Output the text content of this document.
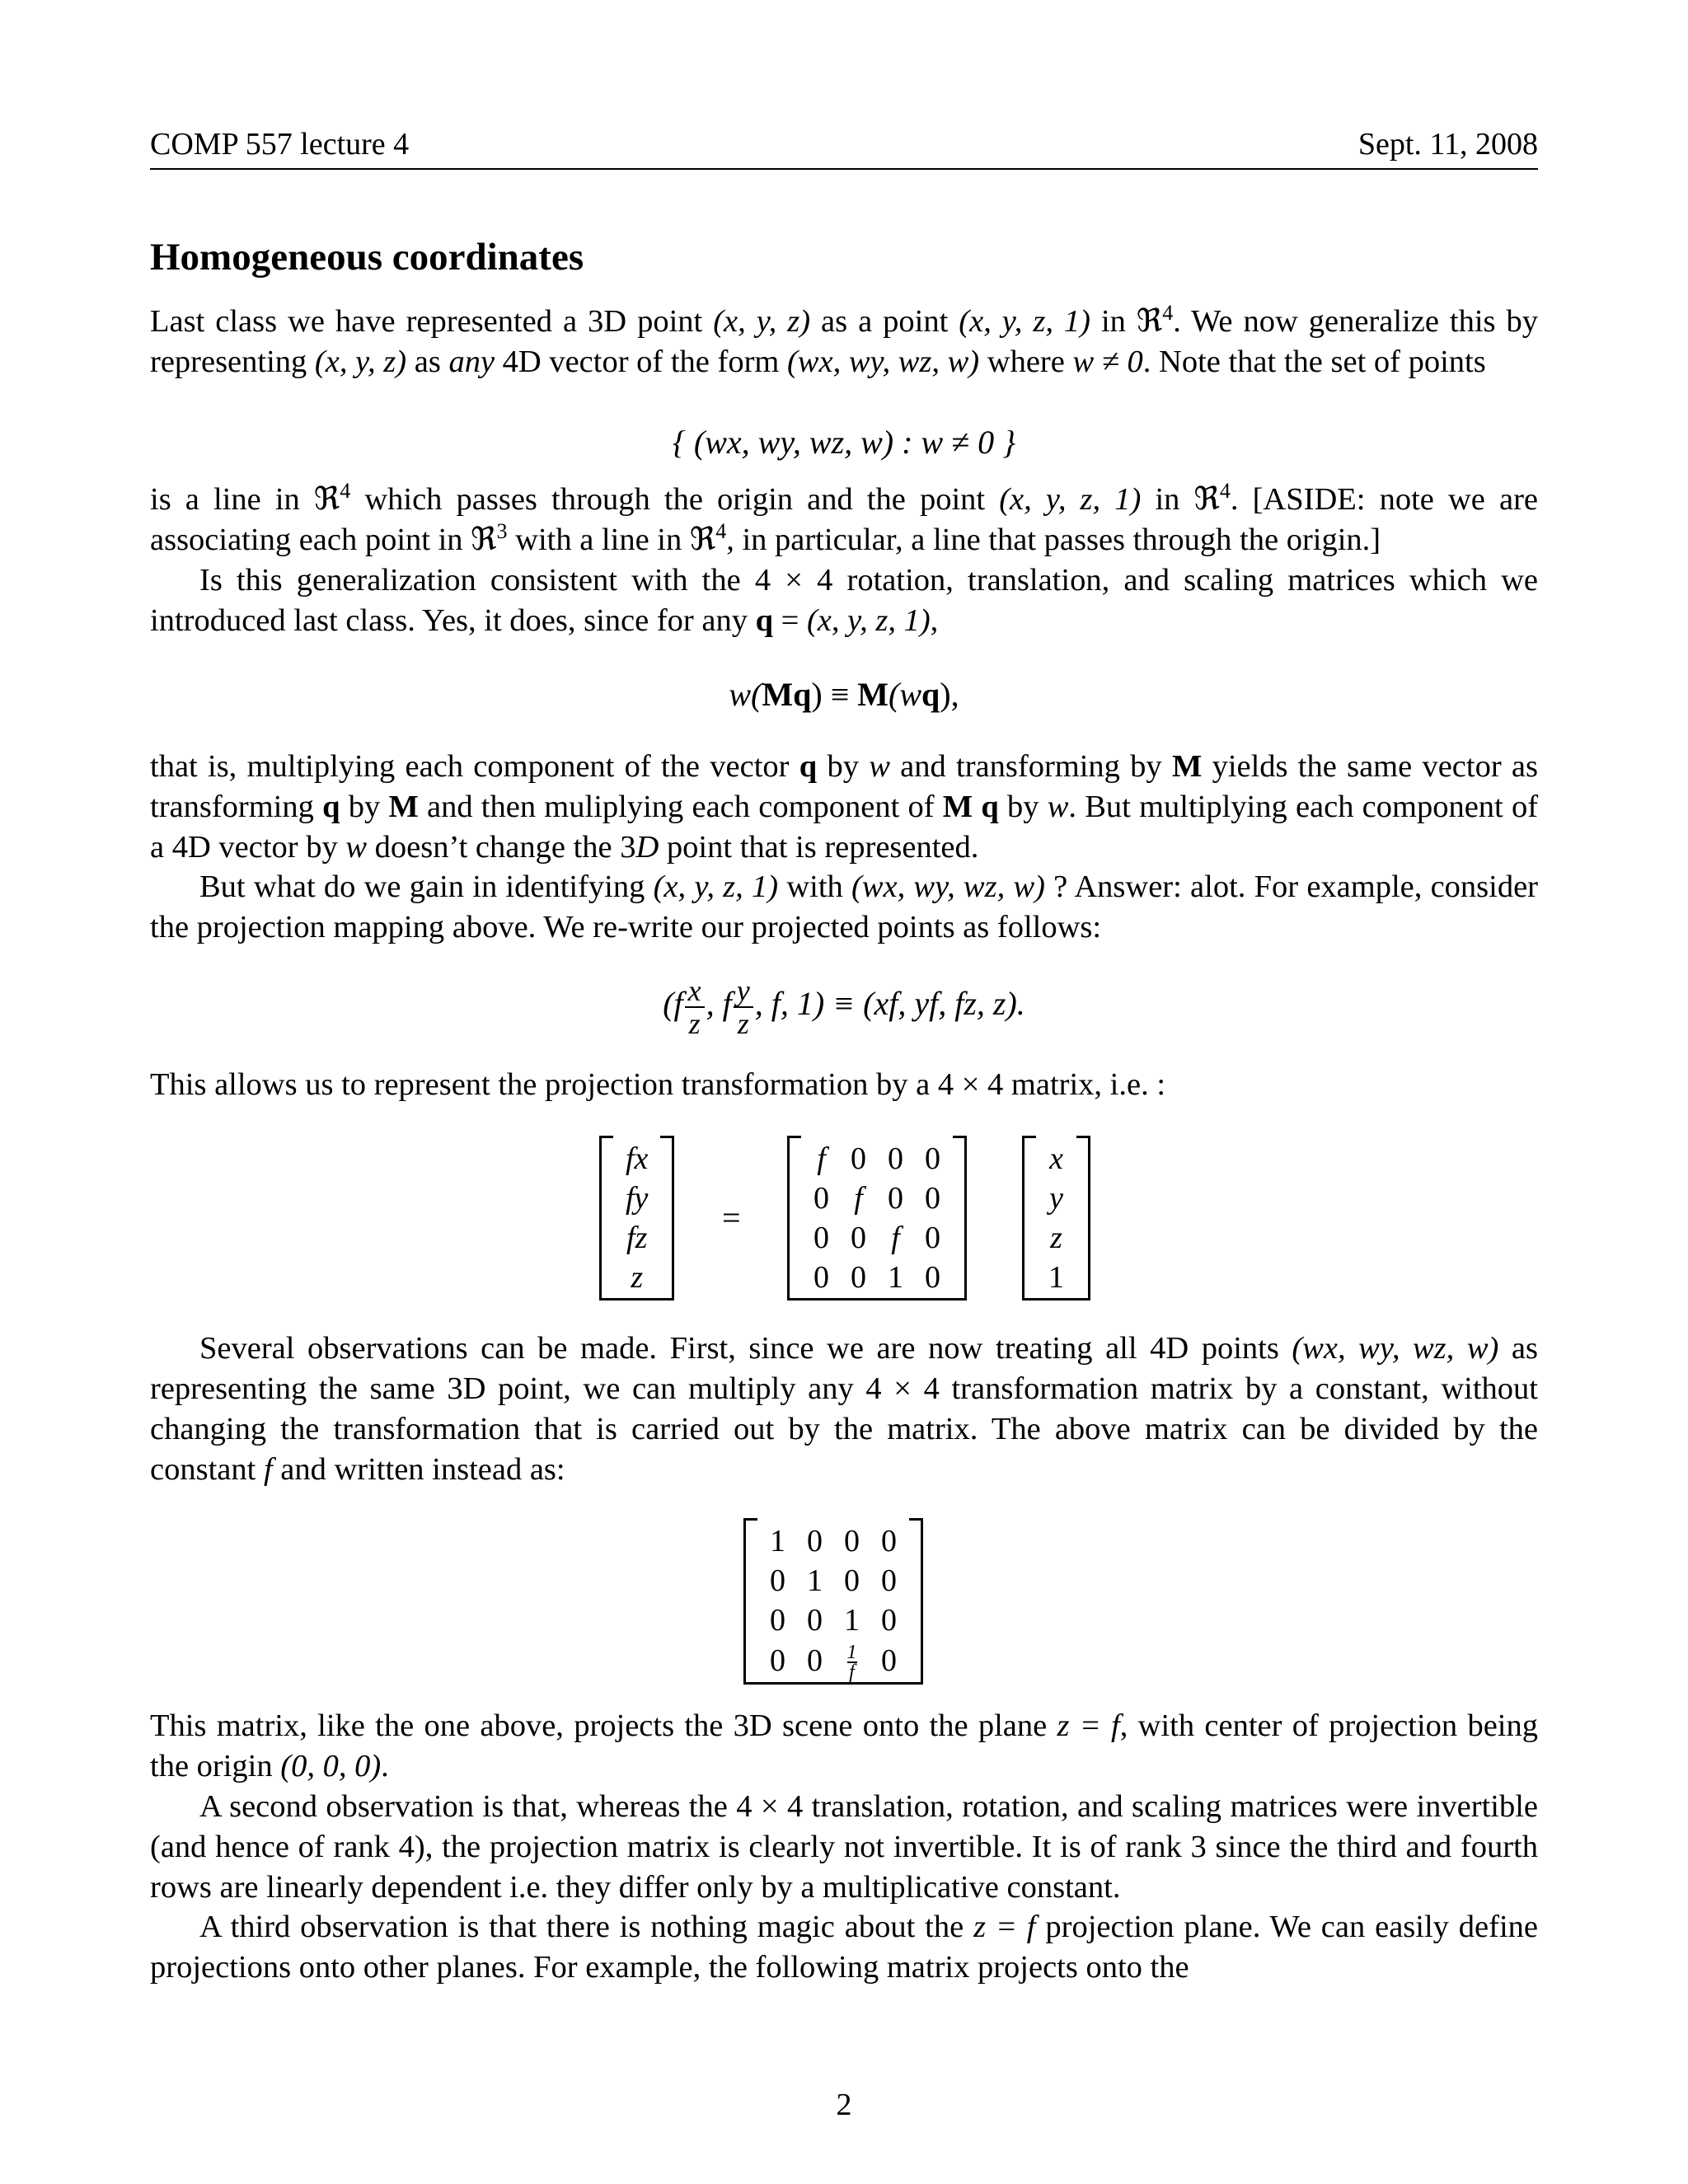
COMP 557 lecture 4	Sept. 11, 2008
Homogeneous coordinates

Last class we have represented a 3D point (x, y, z) as a point (x, y, z, 1) in ℜ$^4$. We now generalize this by representing (x, y, z) as any 4D vector of the form (wx, wy, wz, w) where w ≠ 0. Note that the set of points

{ (wx, wy, wz, w) : w ≠ 0 }

is a line in ℜ$^4$ which passes through the origin and the point (x, y, z, 1) in ℜ$^4$. [ASIDE: note we are associating each point in ℜ$^3$ with a line in ℜ$^4$, in particular, a line that passes through the origin.]

Is this generalization consistent with the 4 × 4 rotation, translation, and scaling matrices which we introduced last class. Yes, it does, since for any q = (x, y, z, 1),

w(Mq) ≡ M(wq),

that is, multiplying each component of the vector q by w and transforming by M yields the same vector as transforming q by M and then muliplying each component of M q by w. But multiplying each component of a 4D vector by w doesn’t change the 3D point that is represented.

But what do we gain in identifying (x, y, z, 1) with (wx, wy, wz, w) ? Answer: alot. For example, consider the projection mapping above. We re-write our projected points as follows:

($f \frac{x}{z}$ , f $\frac{y}{z}$ , f, 1) ≡ (xf, yf, fz, z).

This allows us to represent the projection transformation by a 4 × 4 matrix, i.e. :

fx
fy
fz
z
=
f	0	0	0
0	f	0	0
0	0	f	0
0	0	1	0
x
y
z
1

Several observations can be made. First, since we are now treating all 4D points (wx, wy, wz, w) as representing the same 3D point, we can multiply any 4 × 4 transformation matrix by a constant, without changing the transformation that is carried out by the matrix. The above matrix can be divided by the constant f and written instead as:

1	0	0	0
0	1	0	0
0	0	1	0
0	0	$\frac{1}{f}$	0

This matrix, like the one above, projects the 3D scene onto the plane z = f, with center of projection being the origin (0, 0, 0).

A second observation is that, whereas the 4 × 4 translation, rotation, and scaling matrices were invertible (and hence of rank 4), the projection matrix is clearly not invertible. It is of rank 3 since the third and fourth rows are linearly dependent i.e. they differ only by a multiplicative constant.

A third observation is that there is nothing magic about the z = f projection plane. We can easily define projections onto other planes. For example, the following matrix projects onto the

2
